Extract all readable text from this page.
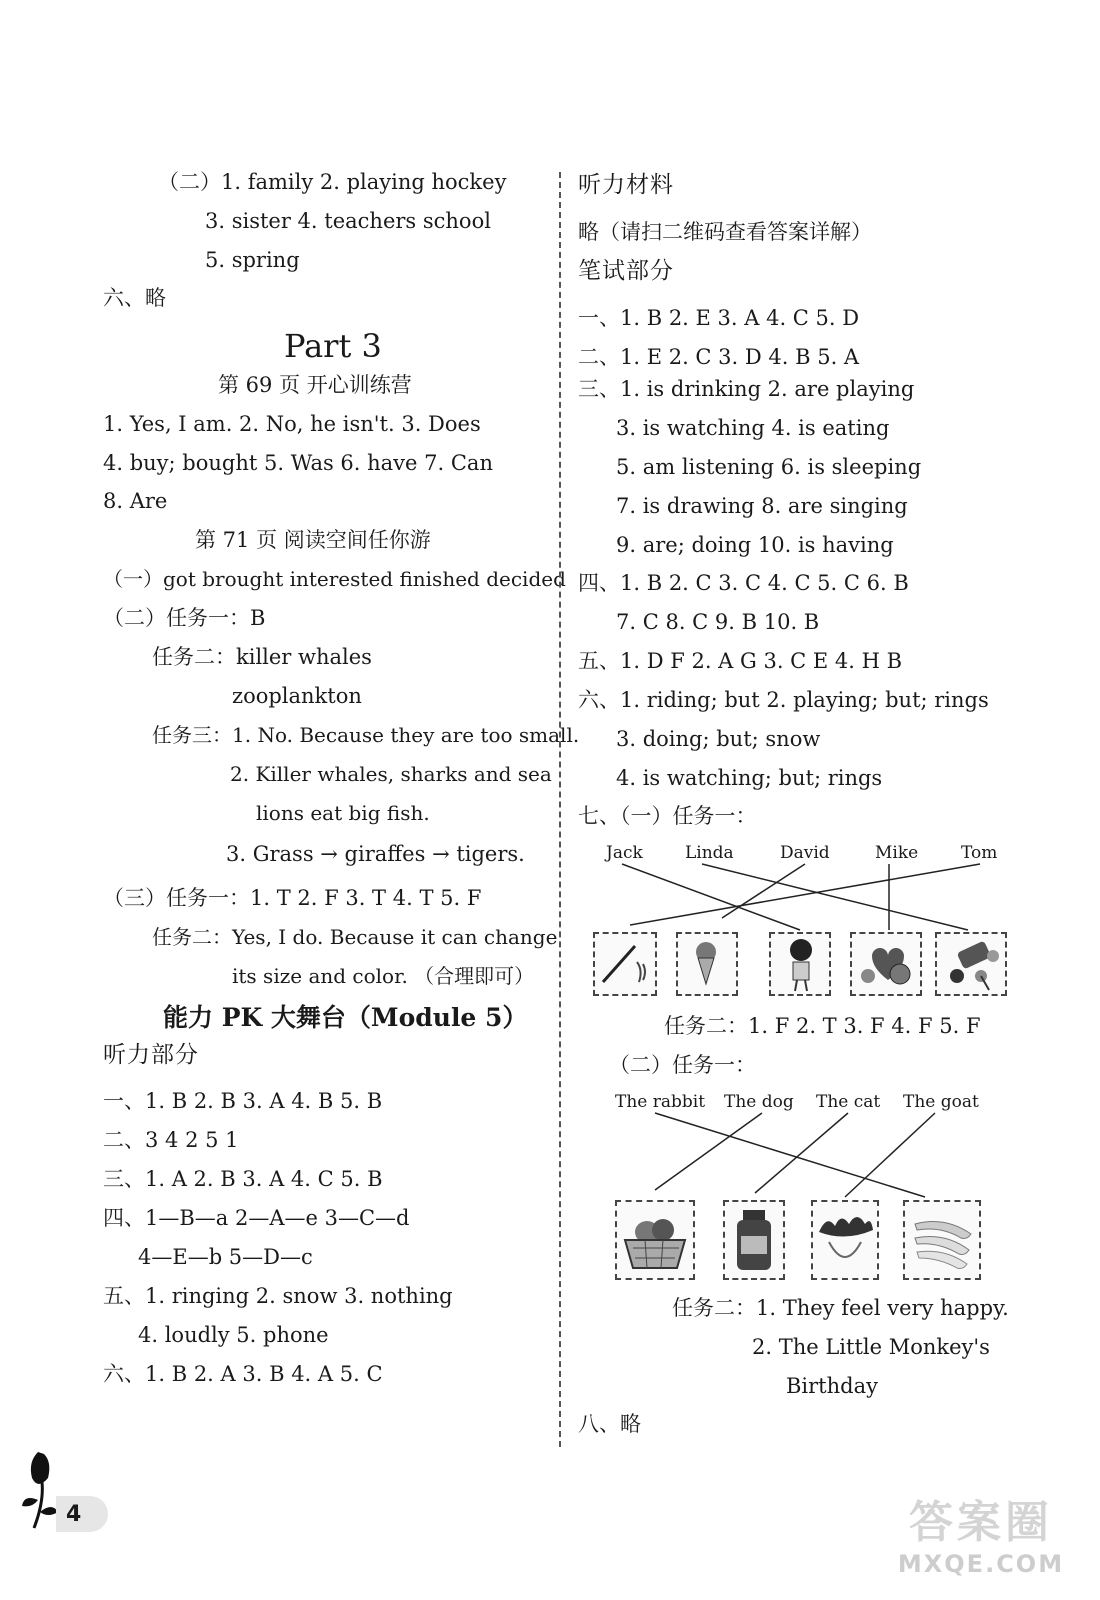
（二）1. family 2. playing hockey
3. sister 4. teachers school
5. spring
六、略
Part 3
第 69 页 开心训练营
1. Yes, I am. 2. No, he isn't. 3. Does
4. buy; bought 5. Was 6. have 7. Can
8. Are
第 71 页 阅读空间任你游
（一）got brought interested finished decided
（二）任务一：B
任务二：killer whales
zooplankton
任务三：1. No. Because they are too small.
2. Killer whales, sharks and sea
lions eat big fish.
3. Grass → giraffes → tigers.
（三）任务一：1. T 2. F 3. T 4. T 5. F
任务二：Yes, I do. Because it can change
its size and color. （合理即可）
能力 PK 大舞台（Module 5）
听力部分
一、1. B 2. B 3. A 4. B 5. B
二、3 4 2 5 1
三、1. A 2. B 3. A 4. C 5. B
四、1—B—a 2—A—e 3—C—d
4—E—b 5—D—c
五、1. ringing 2. snow 3. nothing
4. loudly 5. phone
六、1. B 2. A 3. B 4. A 5. C
听力材料
略（请扫二维码查看答案详解）
笔试部分
一、1. B 2. E 3. A 4. C 5. D
二、1. E 2. C 3. D 4. B 5. A
三、1. is drinking 2. are playing
3. is watching 4. is eating
5. am listening 6. is sleeping
7. is drawing 8. are singing
9. are; doing 10. is having
四、1. B 2. C 3. C 4. C 5. C 6. B
7. C 8. C 9. B 10. B
五、1. D F 2. A G 3. C E 4. H B
六、1. riding; but 2. playing; but; rings
3. doing; but; snow
4. is watching; but; rings
七、（一）任务一：
Jack Linda	David	Mike	Tom
任务二：1. F 2. T 3. F 4. F 5. F
（二）任务一：
The rabbit The dog The cat The goat
任务二：1. They feel very happy.
2. The Little Monkey's
Birthday
八、略
4	答案圈
MXQE.COM
